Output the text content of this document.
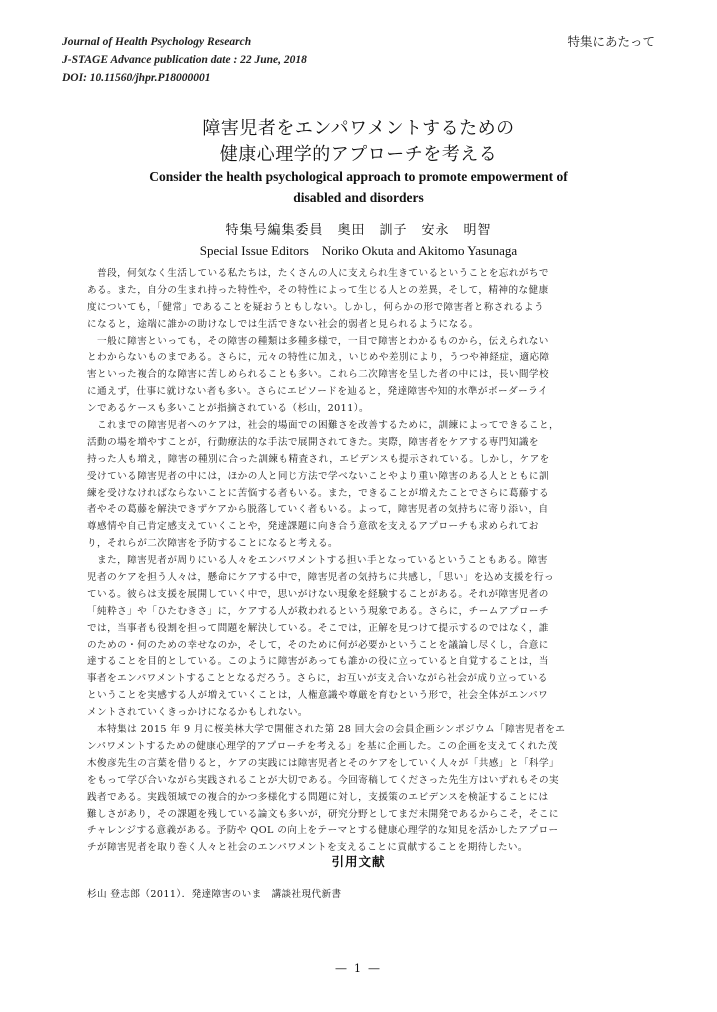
Journal of Health Psychology Research
J-STAGE Advance publication date : 22 June, 2018
DOI: 10.11560/jhpr.P18000001
特集にあたって
障害児者をエンパワメントするための
健康心理学的アプローチを考える
Consider the health psychological approach to promote empowerment of
disabled and disorders
特集号編集委員　奥田　訓子　安永　明智
Special Issue Editors　Noriko Okuta and Akitomo Yasunaga
　普段，何気なく生活している私たちは，たくさんの人に支えられ生きているということを忘れがちで
ある。また，自分の生まれ持った特性や，その特性によって生じる人との差異，そして，精神的な健康
度についても，「健常」であることを疑おうともしない。しかし，何らかの形で障害者と称されるよう
になると，途端に誰かの助けなしでは生活できない社会的弱者と見られるようになる。
　一般に障害といっても，その障害の種類は多種多様で，一目で障害とわかるものから，伝えられない
とわからないものまである。さらに，元々の特性に加え，いじめや差別により，うつや神経症，適応障
害といった複合的な障害に苦しめられることも多い。これら二次障害を呈した者の中には，長い間学校
に通えず，仕事に就けない者も多い。さらにエピソードを辿ると，発達障害や知的水準がボーダーライ
ンであるケースも多いことが指摘されている（杉山，2011）。
　これまでの障害児者へのケアは，社会的場面での困難さを改善するために，訓練によってできること，
活動の場を増やすことが，行動療法的な手法で展開されてきた。実際，障害者をケアする専門知識を
持った人も増え，障害の種別に合った訓練も精査され，エビデンスも提示されている。しかし，ケアを
受けている障害児者の中には，ほかの人と同じ方法で学べないことやより重い障害のある人とともに訓
練を受けなければならないことに苦悩する者もいる。また，できることが増えたことでさらに葛藤する
者やその葛藤を解決できずケアから脱落していく者もいる。よって，障害児者の気持ちに寄り添い，自
尊感情や自己肯定感支えていくことや，発達課題に向き合う意欲を支えるアプローチも求められてお
り，それらが二次障害を予防することになると考える。
　また，障害児者が周りにいる人々をエンパワメントする担い手となっているということもある。障害
児者のケアを担う人々は，懸命にケアする中で，障害児者の気持ちに共感し，「思い」を込め支援を行っ
ている。彼らは支援を展開していく中で，思いがけない現象を経験することがある。それが障害児者の
「純粋さ」や「ひたむきさ」に，ケアする人が救われるという現象である。さらに，チームアプローチ
では，当事者も役割を担って問題を解決している。そこでは，正解を見つけて提示するのではなく，誰
のための・何のための幸せなのか，そして，そのために何が必要かということを議論し尽くし，合意に
達することを目的としている。このように障害があっても誰かの役に立っていると自覚することは，当
事者をエンパワメントすることとなるだろう。さらに，お互いが支え合いながら社会が成り立っている
ということを実感する人が増えていくことは，人権意識や尊厳を育むという形で，社会全体がエンパワ
メントされていくきっかけになるかもしれない。
　本特集は 2015 年 9 月に桜美林大学で開催された第 28 回大会の会員企画シンポジウム「障害児者をエ
ンパワメントするための健康心理学的アプローチを考える」を基に企画した。この企画を支えてくれた茂
木俊彦先生の言葉を借りると，ケアの実践には障害児者とそのケアをしていく人々が「共感」と「科学」
をもって学び合いながら実践されることが大切である。今回寄稿してくださった先生方はいずれもその実
践者である。実践領域での複合的かつ多様化する問題に対し，支援策のエビデンスを検証することには
難しさがあり，その課題を残している論文も多いが，研究分野としてまだ未開発であるからこそ，そこに
チャレンジする意義がある。予防や QOL の向上をテーマとする健康心理学的な知見を活かしたアプロー
チが障害児者を取り巻く人々と社会のエンパワメントを支えることに貢献することを期待したい。
引用文献
杉山 登志郎（2011）．発達障害のいま　講談社現代新書
― 1 ―
